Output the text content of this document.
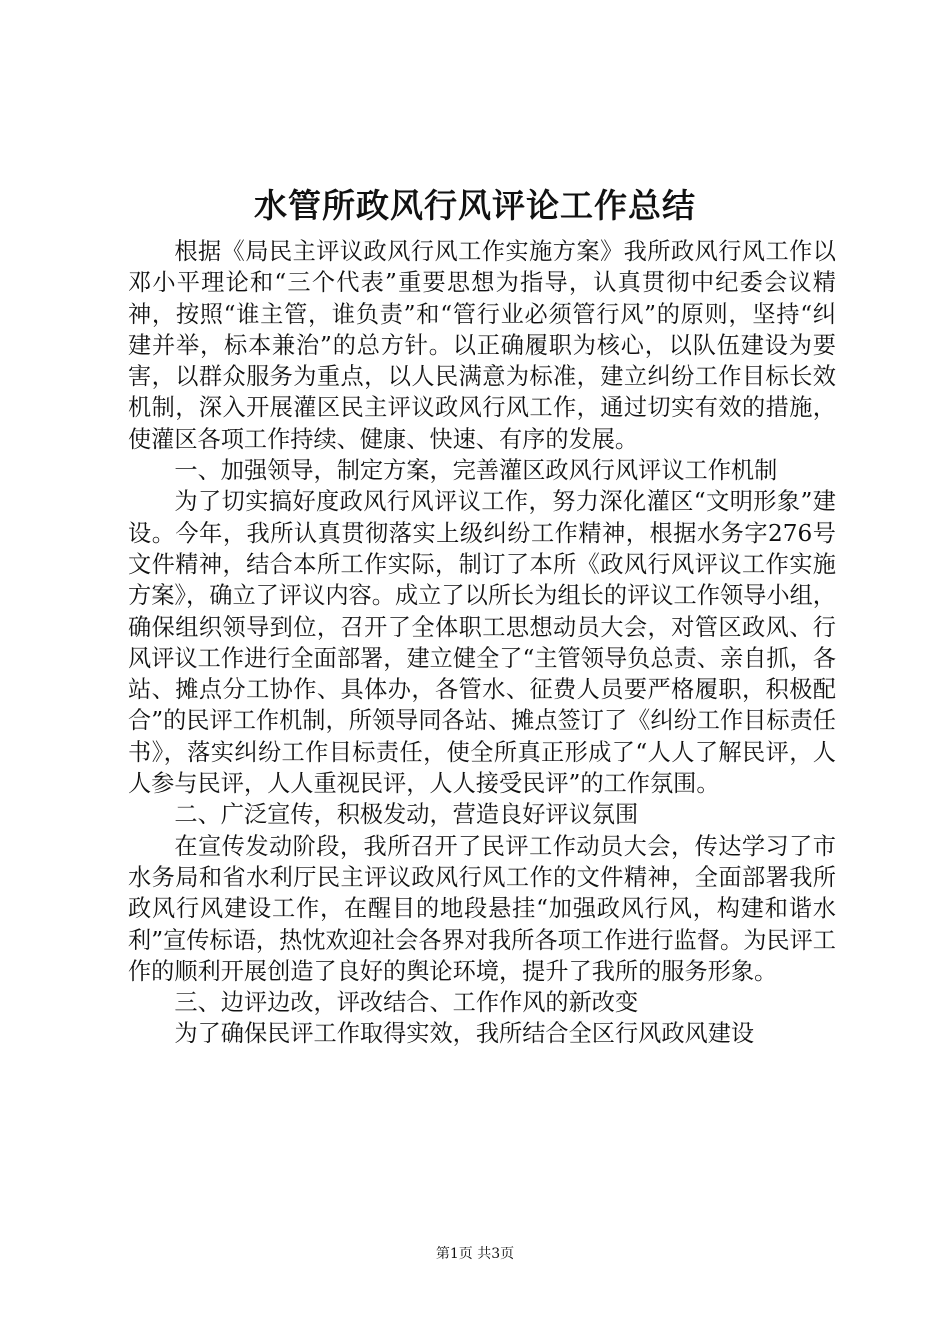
水管所政风行风评论工作总结

根据《局民主评议政风行风工作实施方案》我所政风行风工作以邓小平理论和“三个代表”重要思想为指导，认真贯彻中纪委会议精神，按照“谁主管，谁负责”和“管行业必须管行风”的原则，坚持“纠建并举，标本兼治”的总方针。以正确履职为核心，以队伍建设为要害，以群众服务为重点，以人民满意为标准，建立纠纷工作目标长效机制，深入开展灌区民主评议政风行风工作，通过切实有效的措施，使灌区各项工作持续、健康、快速、有序的发展。

一、加强领导，制定方案，完善灌区政风行风评议工作机制

为了切实搞好度政风行风评议工作，努力深化灌区“文明形象”建设。今年，我所认真贯彻落实上级纠纷工作精神，根据水务字276号文件精神，结合本所工作实际，制订了本所《政风行风评议工作实施方案》，确立了评议内容。成立了以所长为组长的评议工作领导小组，确保组织领导到位，召开了全体职工思想动员大会，对管区政风、行风评议工作进行全面部署，建立健全了“主管领导负总责、亲自抓，各站、摊点分工协作、具体办，各管水、征费人员要严格履职，积极配合”的民评工作机制，所领导同各站、摊点签订了《纠纷工作目标责任书》，落实纠纷工作目标责任，使全所真正形成了“人人了解民评，人人参与民评，人人重视民评，人人接受民评”的工作氛围。

二、广泛宣传，积极发动，营造良好评议氛围

在宣传发动阶段，我所召开了民评工作动员大会，传达学习了市水务局和省水利厅民主评议政风行风工作的文件精神，全面部署我所政风行风建设工作，在醒目的地段悬挂“加强政风行风，构建和谐水利”宣传标语，热忱欢迎社会各界对我所各项工作进行监督。为民评工作的顺利开展创造了良好的舆论环境，提升了我所的服务形象。

三、边评边改，评改结合、工作作风的新改变

为了确保民评工作取得实效，我所结合全区行风政风建设

第1页 共3页
